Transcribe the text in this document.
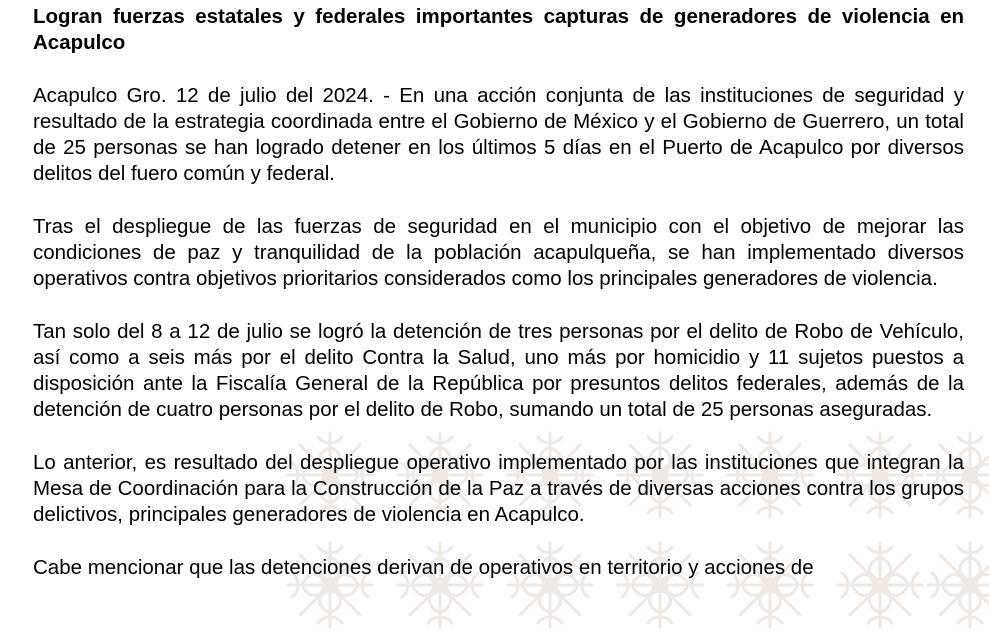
Logran fuerzas estatales y federales importantes capturas de generadores de violencia en Acapulco

Acapulco Gro. 12 de julio del 2024. - En una acción conjunta de las instituciones de seguridad y resultado de la estrategia coordinada entre el Gobierno de México y el Gobierno de Guerrero, un total de 25 personas se han logrado detener en los últimos 5 días en el Puerto de Acapulco por diversos delitos del fuero común y federal.

Tras el despliegue de las fuerzas de seguridad en el municipio con el objetivo de mejorar las condiciones de paz y tranquilidad de la población acapulqueña, se han implementado diversos operativos contra objetivos prioritarios considerados como los principales generadores de violencia.

Tan solo del 8 a 12 de julio se logró la detención de tres personas por el delito de Robo de Vehículo, así como a seis más por el delito Contra la Salud, uno más por homicidio y 11 sujetos puestos a disposición ante la Fiscalía General de la República por presuntos delitos federales, además de la detención de cuatro personas por el delito de Robo, sumando un total de 25 personas aseguradas.

Lo anterior, es resultado del despliegue operativo implementado por las instituciones que integran la Mesa de Coordinación para la Construcción de la Paz a través de diversas acciones contra los grupos delictivos, principales generadores de violencia en Acapulco.

Cabe mencionar que las detenciones derivan de operativos en territorio y acciones de
